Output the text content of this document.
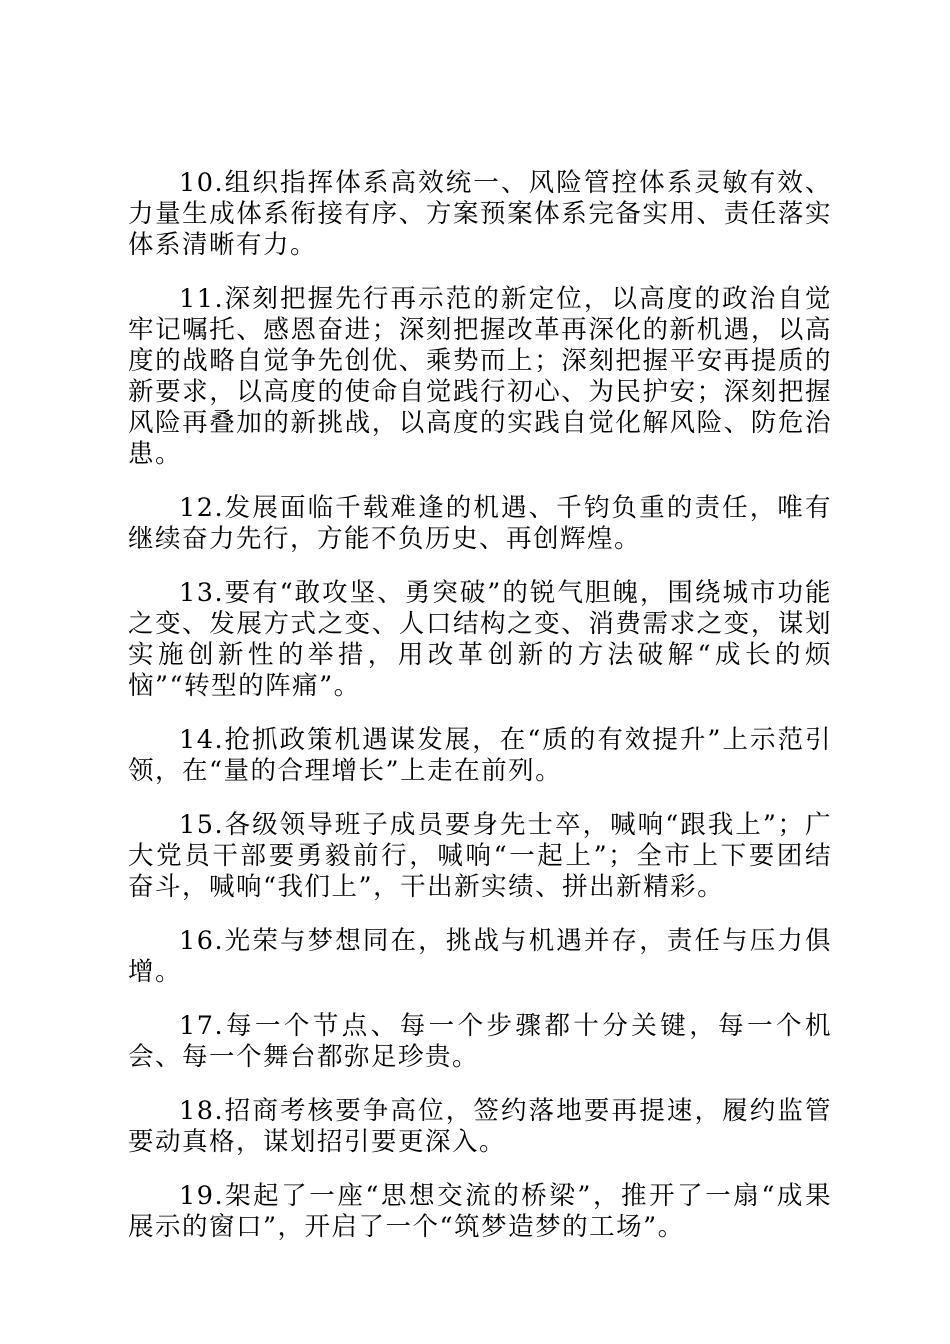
10.组织指挥体系高效统一、风险管控体系灵敏有效、力量生成体系衔接有序、方案预案体系完备实用、责任落实体系清晰有力。

11.深刻把握先行再示范的新定位，以高度的政治自觉牢记嘱托、感恩奋进；深刻把握改革再深化的新机遇，以高度的战略自觉争先创优、乘势而上；深刻把握平安再提质的新要求，以高度的使命自觉践行初心、为民护安；深刻把握风险再叠加的新挑战，以高度的实践自觉化解风险、防危治患。

12.发展面临千载难逢的机遇、千钧负重的责任，唯有继续奋力先行，方能不负历史、再创辉煌。

13.要有“敢攻坚、勇突破”的锐气胆魄，围绕城市功能之变、发展方式之变、人口结构之变、消费需求之变，谋划实施创新性的举措，用改革创新的方法破解“成长的烦恼”“转型的阵痛”。

14.抢抓政策机遇谋发展，在“质的有效提升”上示范引领，在“量的合理增长”上走在前列。

15.各级领导班子成员要身先士卒，喊响“跟我上”；广大党员干部要勇毅前行，喊响“一起上”；全市上下要团结奋斗，喊响“我们上”，干出新实绩、拼出新精彩。

16.光荣与梦想同在，挑战与机遇并存，责任与压力俱增。

17.每一个节点、每一个步骤都十分关键，每一个机会、每一个舞台都弥足珍贵。

18.招商考核要争高位，签约落地要再提速，履约监管要动真格，谋划招引要更深入。

19.架起了一座“思想交流的桥梁”，推开了一扇“成果展示的窗口”，开启了一个“筑梦造梦的工场”。
